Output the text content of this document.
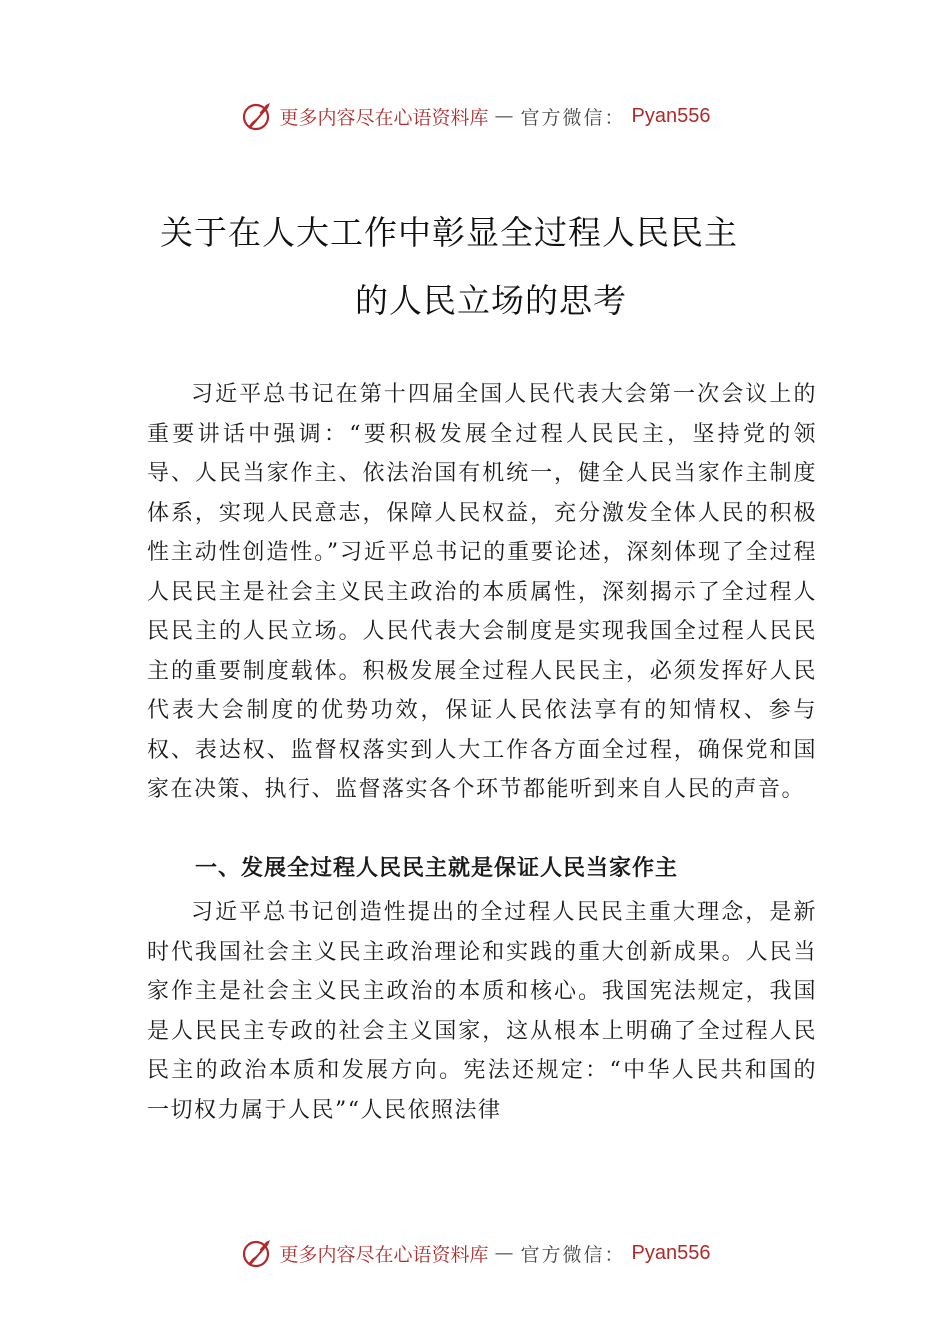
更多内容尽在心语资料库 — 官方微信： Pyan556
关于在人大工作中彰显全过程人民民主
的人民立场的思考

习近平总书记在第十四届全国人民代表大会第一次会议上的重要讲话中强调：“要积极发展全过程人民民主，坚持党的领导、人民当家作主、依法治国有机统一，健全人民当家作主制度体系，实现人民意志，保障人民权益，充分激发全体人民的积极性主动性创造性。”习近平总书记的重要论述，深刻体现了全过程人民民主是社会主义民主政治的本质属性，深刻揭示了全过程人民民主的人民立场。人民代表大会制度是实现我国全过程人民民主的重要制度载体。积极发展全过程人民民主，必须发挥好人民代表大会制度的优势功效，保证人民依法享有的知情权、参与权、表达权、监督权落实到人大工作各方面全过程，确保党和国家在决策、执行、监督落实各个环节都能听到来自人民的声音。

一、发展全过程人民民主就是保证人民当家作主

习近平总书记创造性提出的全过程人民民主重大理念，是新时代我国社会主义民主政治理论和实践的重大创新成果。人民当家作主是社会主义民主政治的本质和核心。我国宪法规定，我国是人民民主专政的社会主义国家，这从根本上明确了全过程人民民主的政治本质和发展方向。宪法还规定：“中华人民共和国的一切权力属于人民”“人民依照法律

更多内容尽在心语资料库 — 官方微信： Pyan556
